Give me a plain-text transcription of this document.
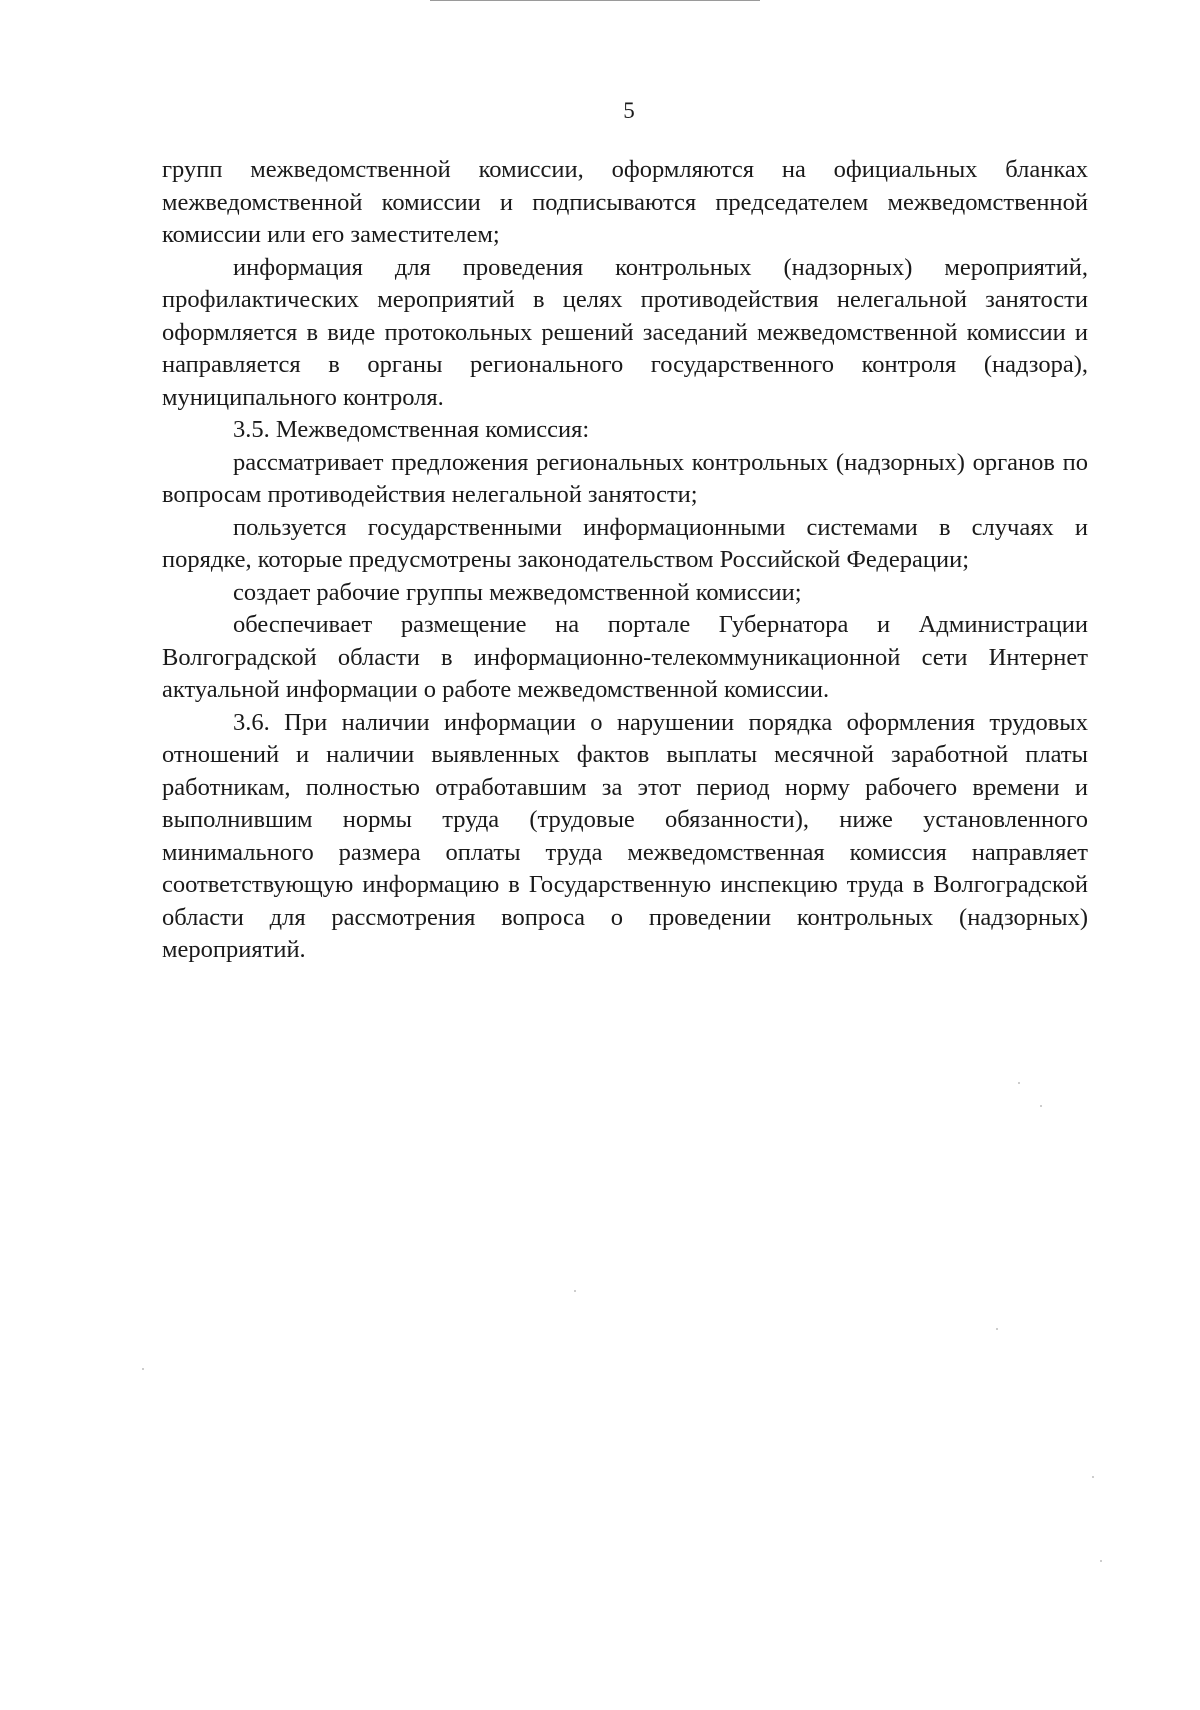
5

групп межведомственной комиссии, оформляются на официальных бланках межведомственной комиссии и подписываются председателем межведомственной комиссии или его заместителем;

информация для проведения контрольных (надзорных) мероприятий, профилактических мероприятий в целях противодействия нелегальной занятости оформляется в виде протокольных решений заседаний межведомственной комиссии и направляется в органы регионального государственного контроля (надзора), муниципального контроля.

3.5. Межведомственная комиссия:

рассматривает предложения региональных контрольных (надзорных) органов по вопросам противодействия нелегальной занятости;

пользуется государственными информационными системами в случаях и порядке, которые предусмотрены законодательством Российской Федерации;

создает рабочие группы межведомственной комиссии;

обеспечивает размещение на портале Губернатора и Администрации Волгоградской области в информационно-телекоммуникационной сети Интернет актуальной информации о работе межведомственной комиссии.

3.6. При наличии информации о нарушении порядка оформления трудовых отношений и наличии выявленных фактов выплаты месячной заработной платы работникам, полностью отработавшим за этот период норму рабочего времени и выполнившим нормы труда (трудовые обязанности), ниже установленного минимального размера оплаты труда межведомственная комиссия направляет соответствующую информацию в Государственную инспекцию труда в Волгоградской области для рассмотрения вопроса о проведении контрольных (надзорных) мероприятий.
